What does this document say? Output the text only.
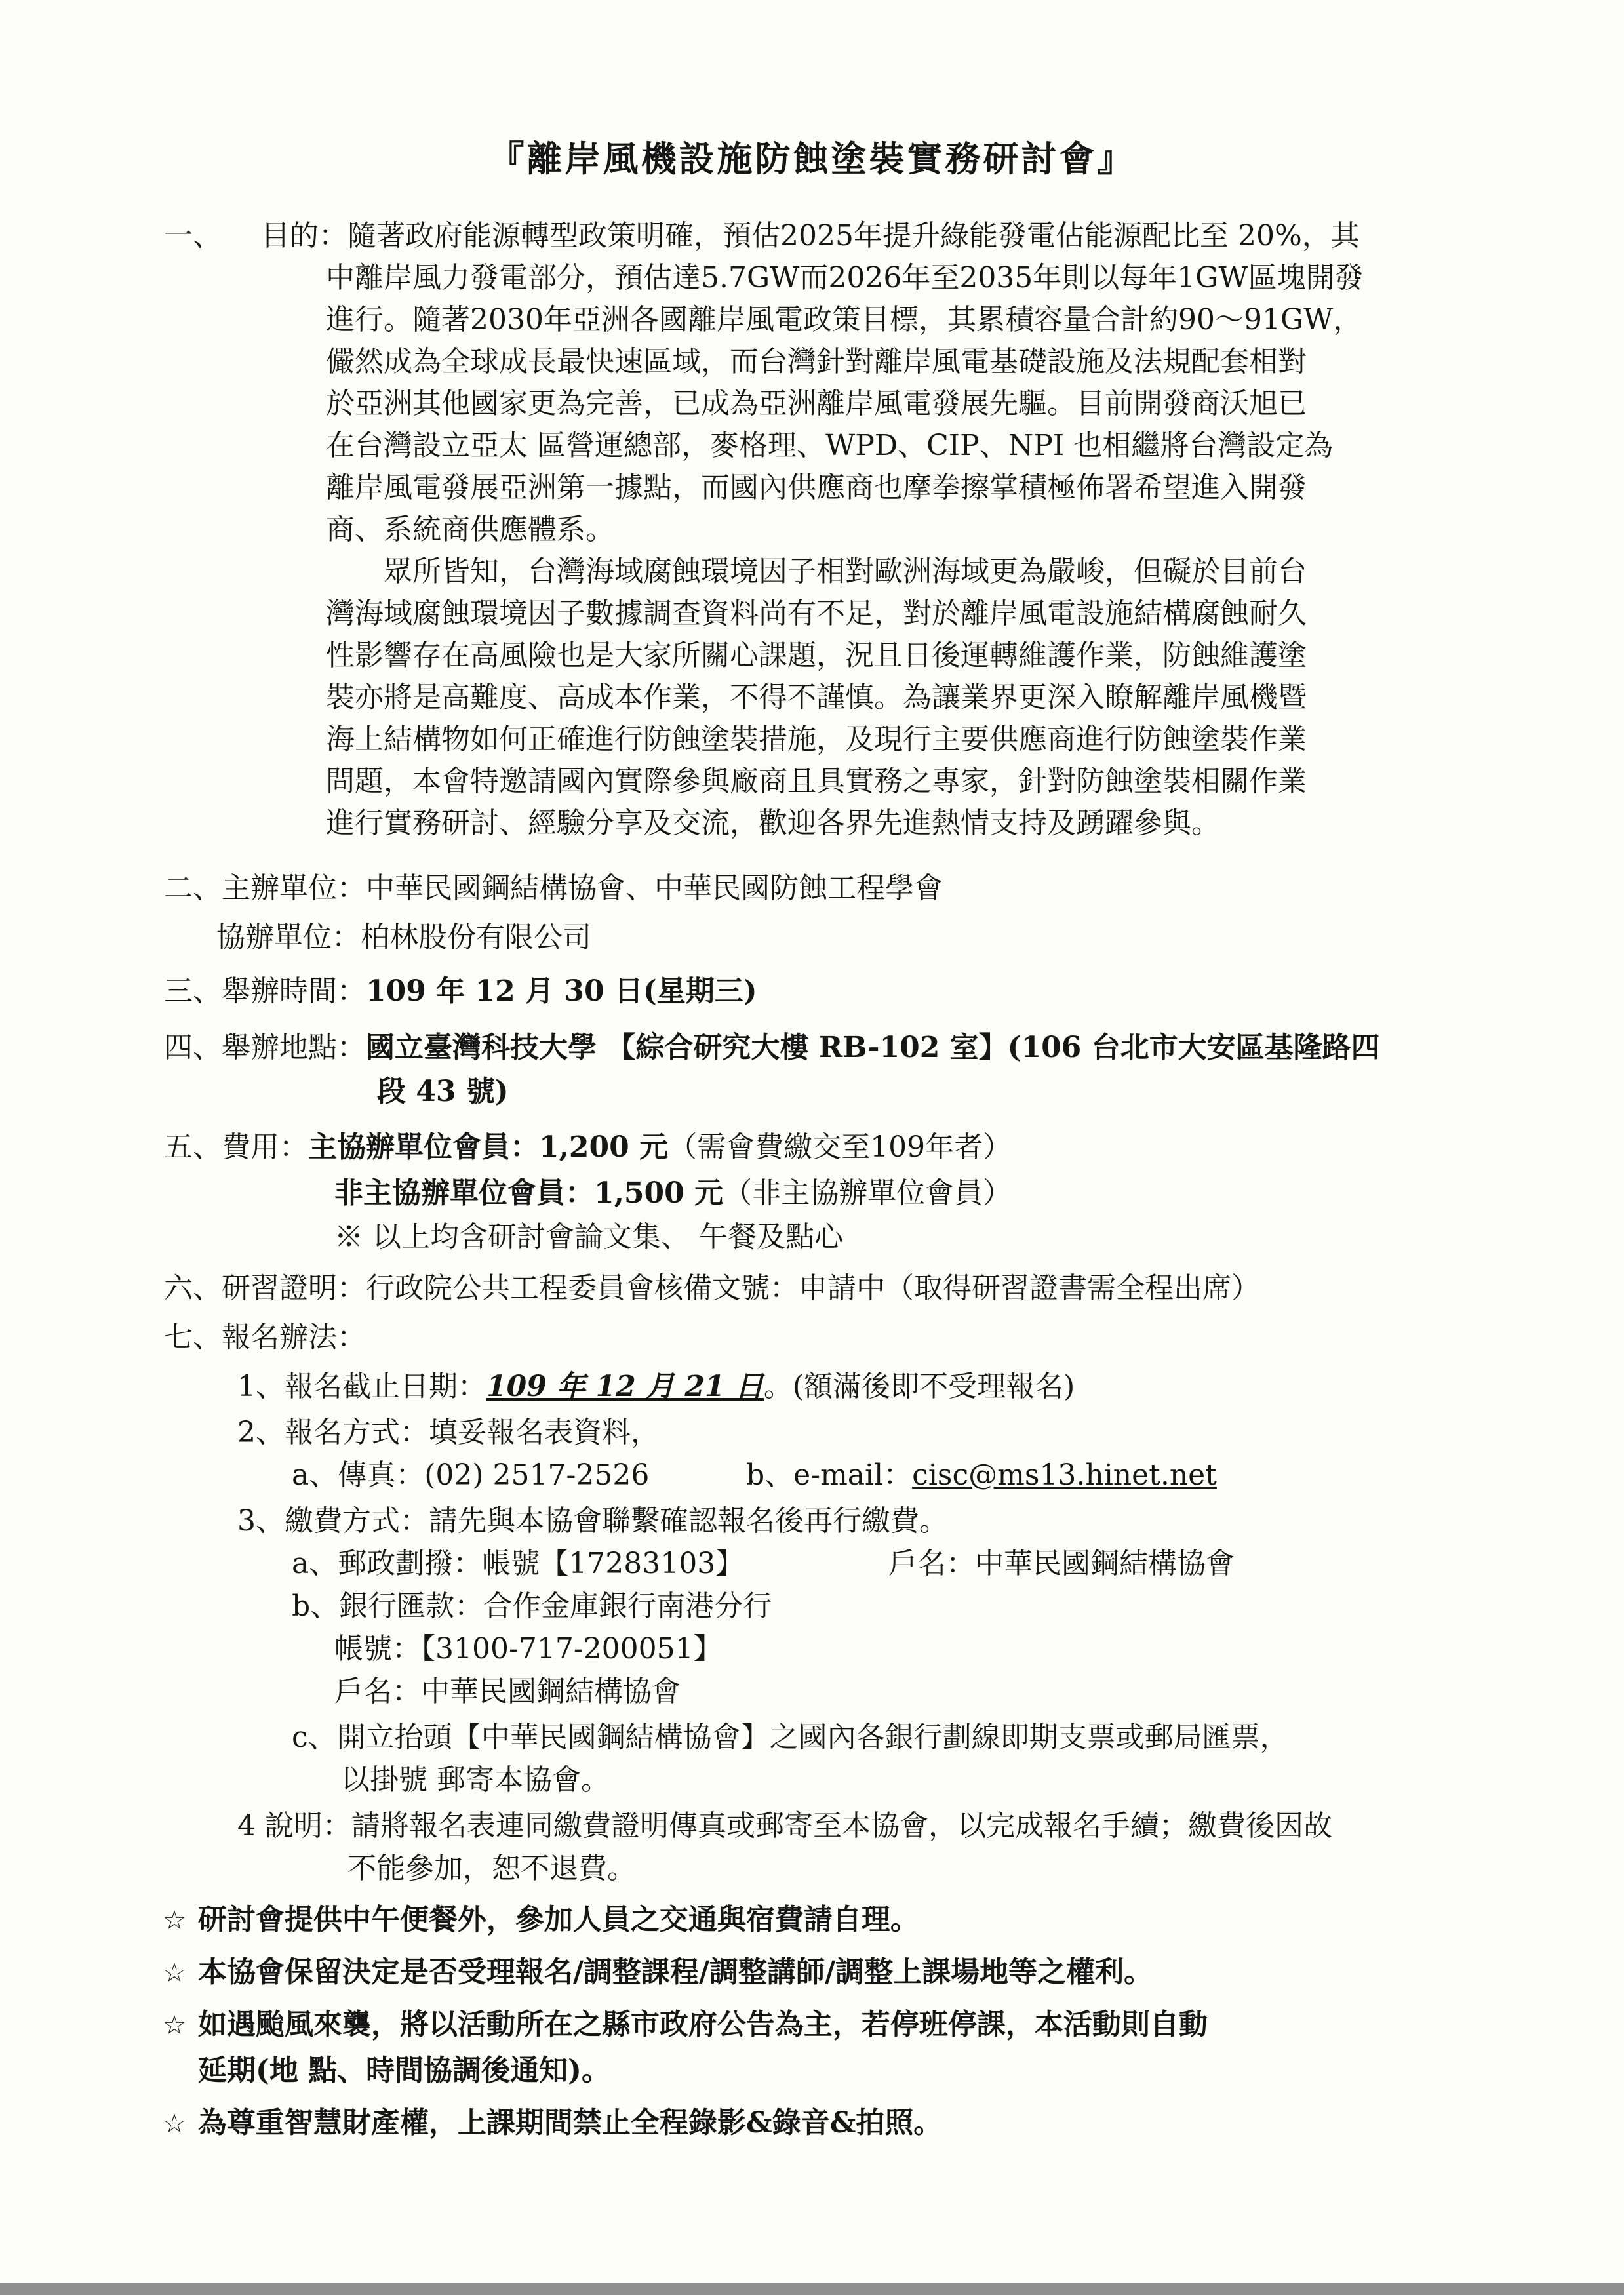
『離岸風機設施防蝕塗裝實務研討會』
一、 目的：隨著政府能源轉型政策明確，預估2025年提升綠能發電佔能源配比至 20%，其
中離岸風力發電部分，預估達5.7GW而2026年至2035年則以每年1GW區塊開發
進行。隨著2030年亞洲各國離岸風電政策目標，其累積容量合計約90～91GW，
儼然成為全球成長最快速區域，而台灣針對離岸風電基礎設施及法規配套相對
於亞洲其他國家更為完善，已成為亞洲離岸風電發展先驅。目前開發商沃旭已
在台灣設立亞太 區營運總部，麥格理、WPD、CIP、NPI 也相繼將台灣設定為
離岸風電發展亞洲第一據點，而國內供應商也摩拳擦掌積極佈署希望進入開發
商、系統商供應體系。
眾所皆知，台灣海域腐蝕環境因子相對歐洲海域更為嚴峻，但礙於目前台
灣海域腐蝕環境因子數據調查資料尚有不足，對於離岸風電設施結構腐蝕耐久
性影響存在高風險也是大家所關心課題，況且日後運轉維護作業，防蝕維護塗
裝亦將是高難度、高成本作業，不得不謹慎。為讓業界更深入瞭解離岸風機暨
海上結構物如何正確進行防蝕塗裝措施，及現行主要供應商進行防蝕塗裝作業
問題，本會特邀請國內實際參與廠商且具實務之專家，針對防蝕塗裝相關作業
進行實務研討、經驗分享及交流，歡迎各界先進熱情支持及踴躍參與。
二、主辦單位：中華民國鋼結構協會、中華民國防蝕工程學會
協辦單位：柏林股份有限公司
三、舉辦時間：109 年 12 月 30 日(星期三)
四、舉辦地點：國立臺灣科技大學 【綜合研究大樓 RB-102 室】(106 台北市大安區基隆路四
段 43 號)
五、費用：主協辦單位會員：1,200 元（需會費繳交至109年者）
非主協辦單位會員：1,500 元（非主協辦單位會員）
※ 以上均含研討會論文集、 午餐及點心
六、研習證明：行政院公共工程委員會核備文號：申請中（取得研習證書需全程出席）
七、報名辦法：
1、報名截止日期：109 年 12 月 21 日。(額滿後即不受理報名)
2、報名方式：填妥報名表資料，
a、傳真：(02) 2517-2526	b、e-mail：cisc@ms13.hinet.net
3、繳費方式：請先與本協會聯繫確認報名後再行繳費。
a、郵政劃撥：帳號【17283103】	戶名：中華民國鋼結構協會
b、銀行匯款：合作金庫銀行南港分行
帳號：【3100-717-200051】
戶名：中華民國鋼結構協會
c、開立抬頭【中華民國鋼結構協會】之國內各銀行劃線即期支票或郵局匯票，
以掛號 郵寄本協會。
4 說明：請將報名表連同繳費證明傳真或郵寄至本協會，以完成報名手續；繳費後因故
不能參加，恕不退費。
☆ 研討會提供中午便餐外，參加人員之交通與宿費請自理。
☆ 本協會保留決定是否受理報名/調整課程/調整講師/調整上課場地等之權利。
☆ 如遇颱風來襲，將以活動所在之縣市政府公告為主，若停班停課，本活動則自動
延期(地 點、時間協調後通知)。
☆ 為尊重智慧財產權，上課期間禁止全程錄影&錄音&拍照。
